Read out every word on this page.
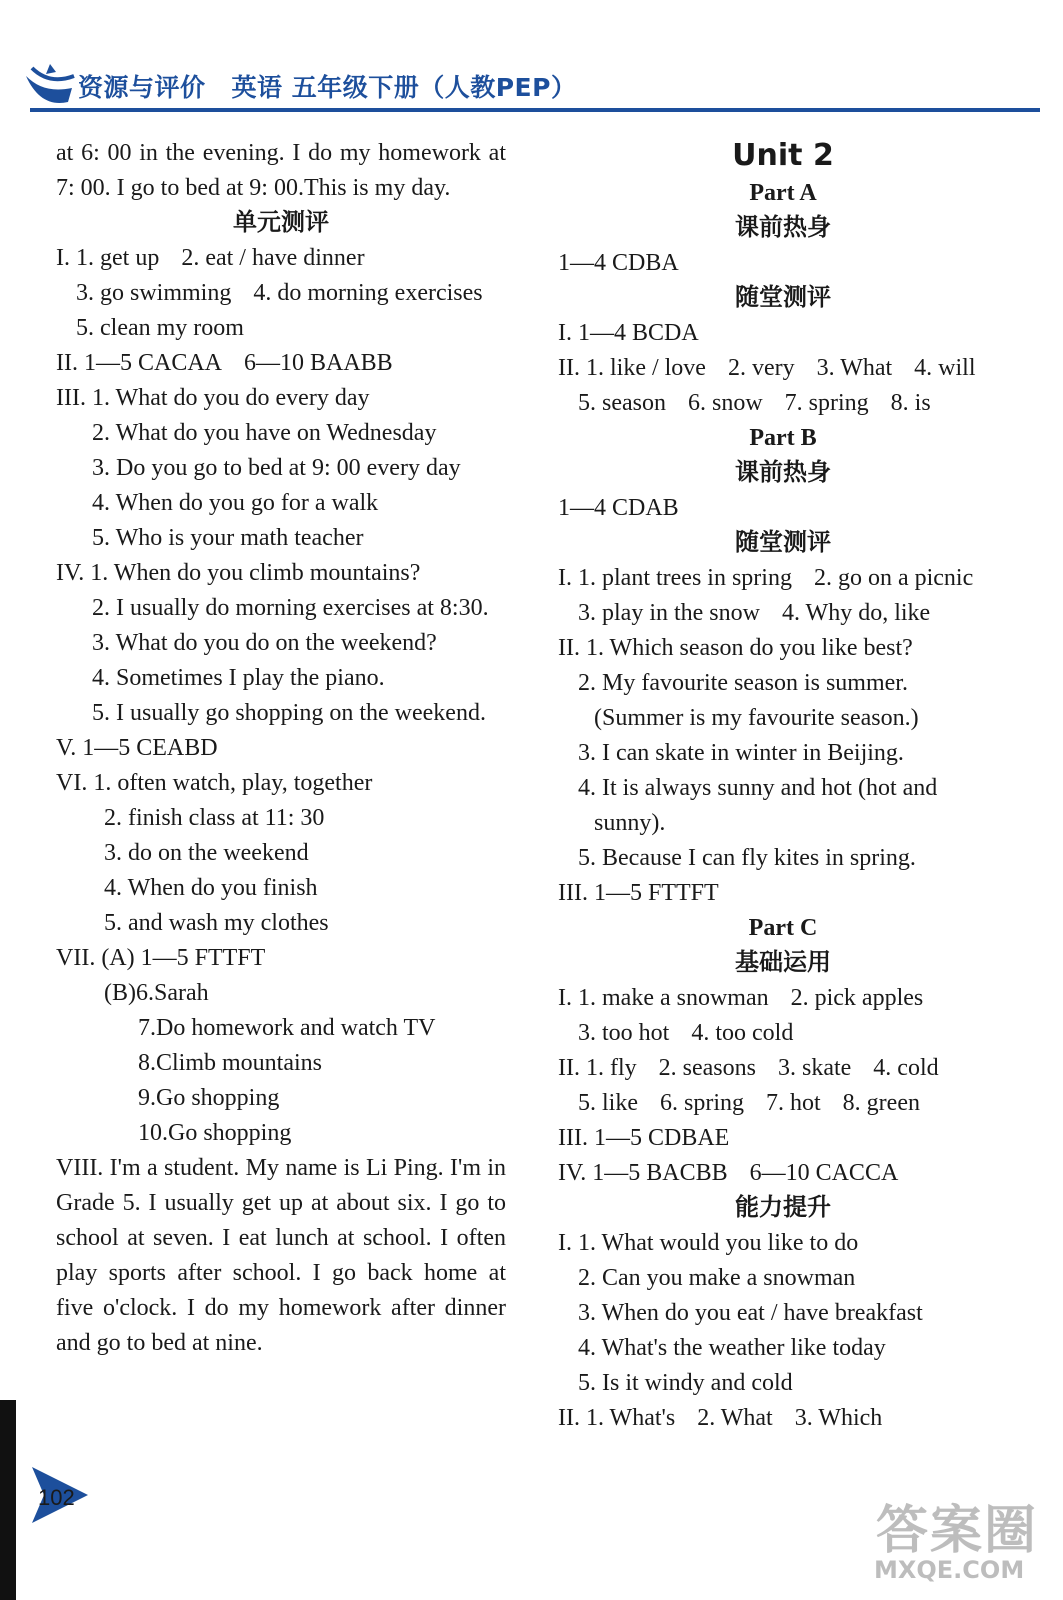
资源与评价 英语 五年级下册（人教PEP）
at 6: 00 in the evening. I do my homework at 7: 00. I go to bed at 9: 00.This is my day.
单元测评
I. 1. get up 2. eat / have dinner
3. go swimming 4. do morning exercises
5. clean my room
II. 1—5 CACAA 6—10 BAABB
III. 1. What do you do every day
2. What do you have on Wednesday
3. Do you go to bed at 9: 00 every day
4. When do you go for a walk
5. Who is your math teacher
IV. 1. When do you climb mountains?
2. I usually do morning exercises at 8:30.
3. What do you do on the weekend?
4. Sometimes I play the piano.
5. I usually go shopping on the weekend.
V. 1—5 CEABD
VI. 1. often watch, play, together
2. finish class at 11: 30
3. do on the weekend
4. When do you finish
5. and wash my clothes
VII. (A) 1—5 FTTFT
(B)6.Sarah
7.Do homework and watch TV
8.Climb mountains
9.Go shopping
10.Go shopping
VIII. I'm a student. My name is Li Ping. I'm in Grade 5. I usually get up at about six. I go to school at seven. I eat lunch at school. I often play sports after school. I go back home at five o'clock. I do my homework after dinner and go to bed at nine.
Unit 2
Part A
课前热身
1—4 CDBA
随堂测评
I. 1—4 BCDA
II. 1. like / love 2. very 3. What 4. will
5. season 6. snow 7. spring 8. is
Part B
课前热身
1—4 CDAB
随堂测评
I. 1. plant trees in spring 2. go on a picnic
3. play in the snow 4. Why do, like
II. 1. Which season do you like best?
2. My favourite season is summer.
(Summer is my favourite season.)
3. I can skate in winter in Beijing.
4. It is always sunny and hot (hot and
sunny).
5. Because I can fly kites in spring.
III. 1—5 FTTFT
Part C
基础运用
I. 1. make a snowman 2. pick apples
3. too hot 4. too cold
II. 1. fly 2. seasons 3. skate 4. cold
5. like 6. spring 7. hot 8. green
III. 1—5 CDBAE
IV. 1—5 BACBB 6—10 CACCA
能力提升
I. 1. What would you like to do
2. Can you make a snowman
3. When do you eat / have breakfast
4. What's the weather like today
5. Is it windy and cold
II. 1. What's 2. What 3. Which
102
答案圈
MXQE.COM
